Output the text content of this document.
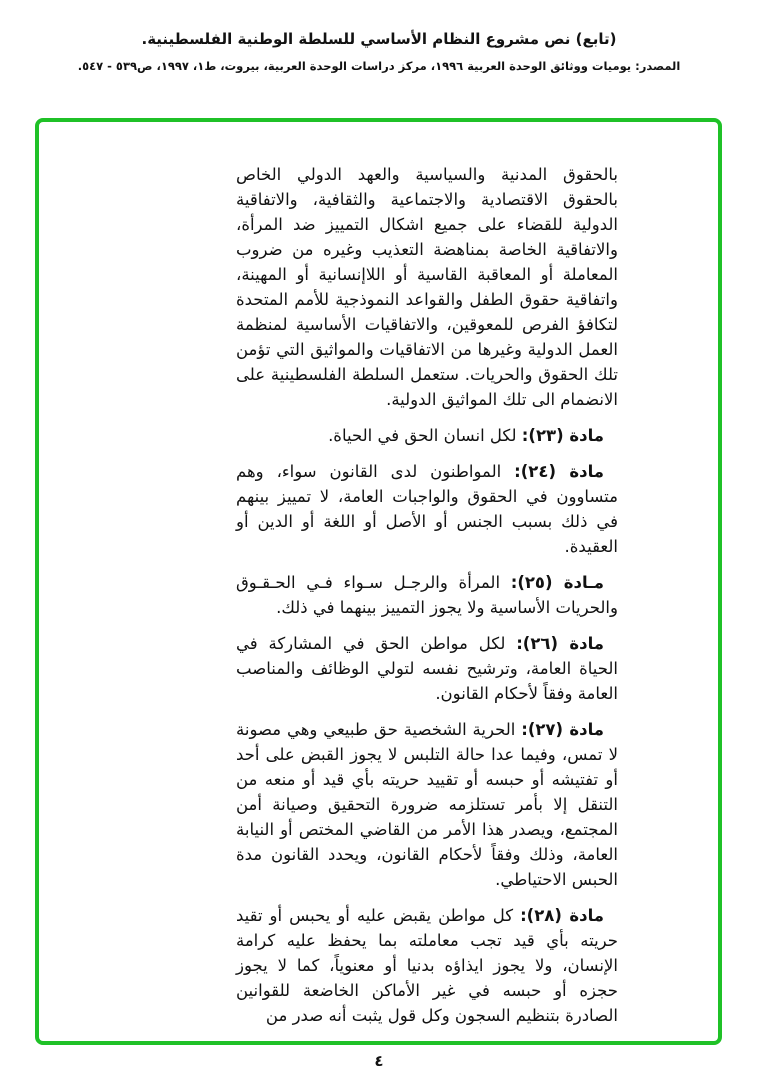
(تابع) نص مشروع النظام الأساسي للسلطة الوطنية الفلسطينية.
المصدر: يوميات ووثائق الوحدة العربية ١٩٩٦، مركز دراسات الوحدة العربية، بيروت، ط١، ١٩٩٧، ص٥٣٩ - ٥٤٧.

بالحقوق المدنية والسياسية والعهد الدولي الخاص بالحقوق الاقتصادية والاجتماعية والثقافية، والاتفاقية الدولية للقضاء على جميع اشكال التمييز ضد المرأة، والاتفاقية الخاصة بمناهضة التعذيب وغيره من ضروب المعاملة أو المعاقبة القاسية أو اللاإنسانية أو المهينة، واتفاقية حقوق الطفل والقواعد النموذجية للأمم المتحدة لتكافؤ الفرص للمعوقين، والاتفاقيات الأساسية لمنظمة العمل الدولية وغيرها من الاتفاقيات والمواثيق التي تؤمن تلك الحقوق والحريات. ستعمل السلطة الفلسطينية على الانضمام الى تلك المواثيق الدولية.

مادة (٢٣): لكل انسان الحق في الحياة.

مادة (٢٤): المواطنون لدى القانون سواء، وهم متساوون في الحقوق والواجبات العامة، لا تمييز بينهم في ذلك بسبب الجنس أو الأصل أو اللغة أو الدين أو العقيدة.

مـادة (٢٥): المرأة والرجـل سـواء فـي الحـقـوق والحريات الأساسية ولا يجوز التمييز بينهما في ذلك.

مادة (٢٦): لكل مواطن الحق في المشاركة في الحياة العامة، وترشيح نفسه لتولي الوظائف والمناصب العامة وفقاً لأحكام القانون.

مادة (٢٧): الحرية الشخصية حق طبيعي وهي مصونة لا تمس، وفيما عدا حالة التلبس لا يجوز القبض على أحد أو تفتيشه أو حبسه أو تقييد حريته بأي قيد أو منعه من التنقل إلا بأمر تستلزمه ضرورة التحقيق وصيانة أمن المجتمع، ويصدر هذا الأمر من القاضي المختص أو النيابة العامة، وذلك وفقاً لأحكام القانون، ويحدد القانون مدة الحبس الاحتياطي.

مادة (٢٨): كل مواطن يقبض عليه أو يحبس أو تقيد حريته بأي قيد تجب معاملته بما يحفظ عليه كرامة الإنسان، ولا يجوز ايذاؤه بدنيا أو معنوياً، كما لا يجوز حجزه أو حبسه في غير الأماكن الخاضعة للقوانين الصادرة بتنظيم السجون وكل قول يثبت أنه صدر من

٤
